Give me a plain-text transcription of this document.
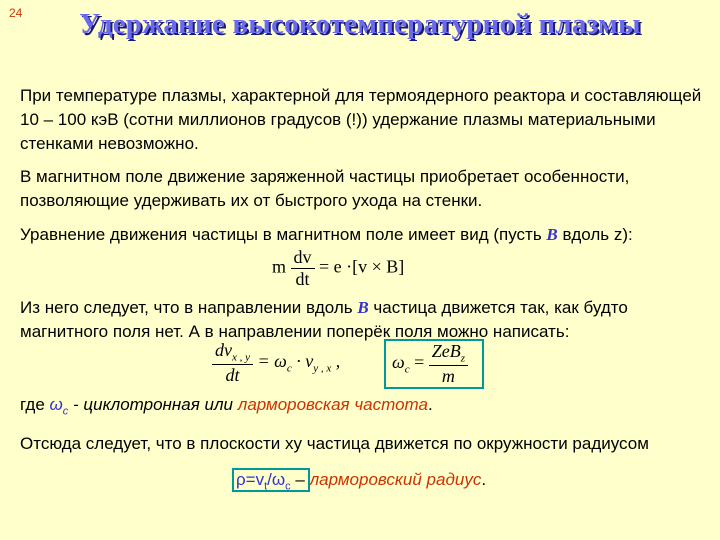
24	Удержание высокотемпературной плазмы
При температуре плазмы, характерной для термоядерного реактора и составляющей 10 – 100 кэВ (сотни миллионов градусов (!)) удержание плазмы материальными стенками невозможно.
В магнитном поле движение заряженной частицы приобретает особенности, позволяющие удерживать их от быстрого ухода на стенки.
Уравнение движения частицы в магнитном поле имеет вид (пусть B вдоль z):
m $\frac{dv}{dt} = e \cdot[v \times B]$
Из него следует, что в направлении вдоль B частица движется так, как будто магнитного поля нет. А в направлении поперёк поля можно написать:
$\frac{dv_{x , y}}{dt} = \omega_c \cdot v_{y , x}$ ,	$\omega_c = \frac{ZeB_z}{m}$
где $\omega_c$ - циклотронная или ларморовская частота.
Отсюда следует, что в плоскости xy частица движется по окружности радиусом
$\rho=v_t/\omega_c$ – ларморовский радиус.
